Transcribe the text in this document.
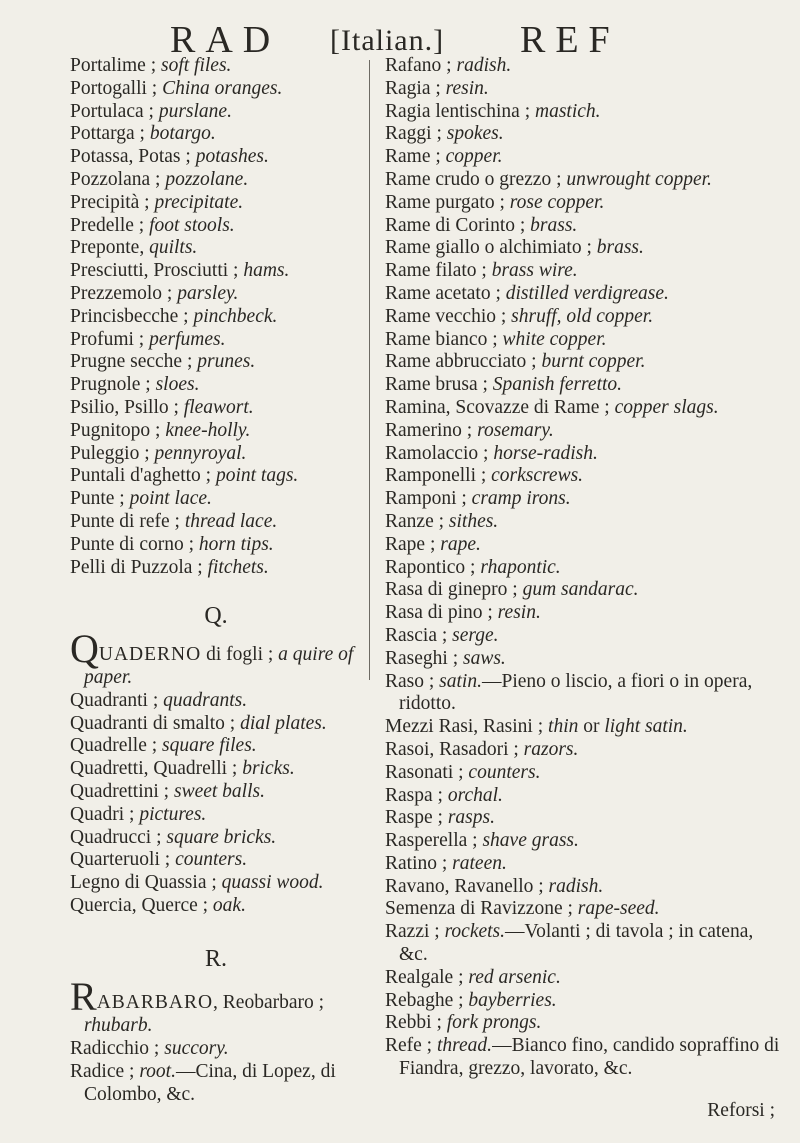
RAD [Italian.] REF

Portalime ; soft files.

Portogalli ; China oranges.

Portulaca ; purslane.

Pottarga ; botargo.

Potassa, Potas ; potashes.

Pozzolana ; pozzolane.

Precipità ; precipitate.

Predelle ; foot stools.

Preponte, quilts.

Presciutti, Prosciutti ; hams.

Prezzemolo ; parsley.

Princisbecche ; pinchbeck.

Profumi ; perfumes.

Prugne secche ; prunes.

Prugnole ; sloes.

Psilio, Psillo ; fleawort.

Pugnitopo ; knee-holly.

Puleggio ; pennyroyal.

Puntali d'aghetto ; point tags.

Punte ; point lace.

Punte di refe ; thread lace.

Punte di corno ; horn tips.

Pelli di Puzzola ; fitchets.

Q.

QUADERNO di fogli ; a quire of paper.

Quadranti ; quadrants.

Quadranti di smalto ; dial plates.

Quadrelle ; square files.

Quadretti, Quadrelli ; bricks.

Quadrettini ; sweet balls.

Quadri ; pictures.

Quadrucci ; square bricks.

Quarteruoli ; counters.

Legno di Quassia ; quassi wood.

Quercia, Querce ; oak.

R.

RABARBARO, Reobarbaro ; rhubarb.

Radicchio ; succory.

Radice ; root.—Cina, di Lopez, di Colombo, &c.

Rafano ; radish.

Ragia ; resin.

Ragia lentischina ; mastich.

Raggi ; spokes.

Rame ; copper.

Rame crudo o grezzo ; unwrought copper.

Rame purgato ; rose copper.

Rame di Corinto ; brass.

Rame giallo o alchimiato ; brass.

Rame filato ; brass wire.

Rame acetato ; distilled verdigrease.

Rame vecchio ; shruff, old copper.

Rame bianco ; white copper.

Rame abbrucciato ; burnt copper.

Rame brusa ; Spanish ferretto.

Ramina, Scovazze di Rame ; copper slags.

Ramerino ; rosemary.

Ramolaccio ; horse-radish.

Ramponelli ; corkscrews.

Ramponi ; cramp irons.

Ranze ; sithes.

Rape ; rape.

Rapontico ; rhapontic.

Rasa di ginepro ; gum sandarac.

Rasa di pino ; resin.

Rascia ; serge.

Raseghi ; saws.

Raso ; satin.—Pieno o liscio, a fiori o in opera, ridotto.

Mezzi Rasi, Rasini ; thin or light satin.

Rasoi, Rasadori ; razors.

Rasonati ; counters.

Raspa ; orchal.

Raspe ; rasps.

Rasperella ; shave grass.

Ratino ; rateen.

Ravano, Ravanello ; radish.

Semenza di Ravizzone ; rape-seed.

Razzi ; rockets.—Volanti ; di tavola ; in catena, &c.

Realgale ; red arsenic.

Rebaghe ; bayberries.

Rebbi ; fork prongs.

Refe ; thread.—Bianco fino, candido sopraffino di Fiandra, grezzo, lavorato, &c.

Reforsi ;
